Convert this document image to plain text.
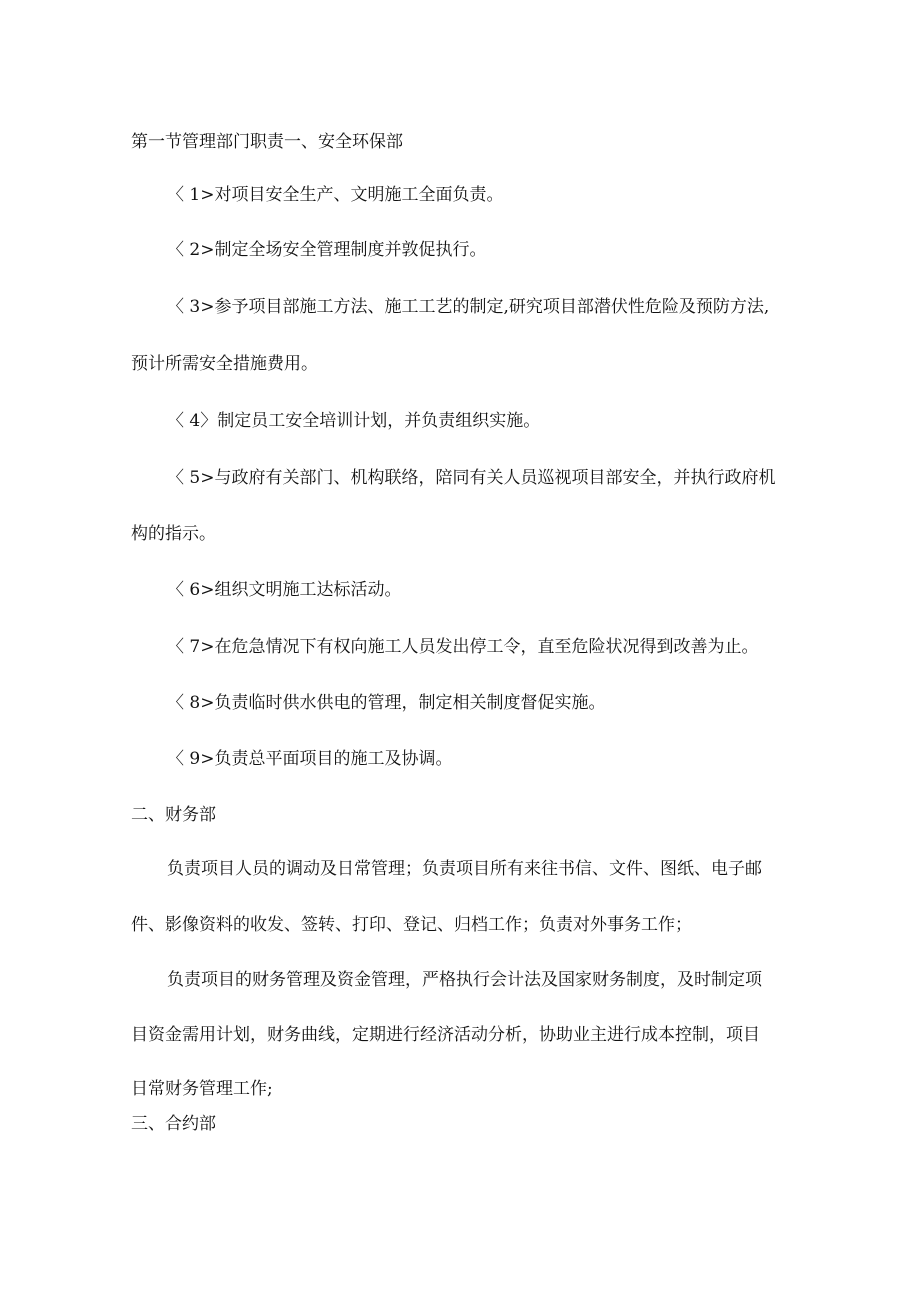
第一节管理部门职责一、安全环保部
〈 1>对项目安全生产、文明施工全面负责。
〈 2>制定全场安全管理制度并敦促执行。
〈 3>参予项目部施工方法、施工工艺的制定,研究项目部潜伏性危险及预防方法,
预计所需安全措施费用。
〈 4〉制定员工安全培训计划，并负责组织实施。
〈 5>与政府有关部门、机构联络，陪同有关人员巡视项目部安全，并执行政府机
构的指示。
〈 6>组织文明施工达标活动。
〈 7>在危急情况下有权向施工人员发出停工令，直至危险状况得到改善为止。
〈 8>负责临时供水供电的管理，制定相关制度督促实施。
〈 9>负责总平面项目的施工及协调。
二、财务部
负责项目人员的调动及日常管理；负责项目所有来往书信、文件、图纸、电子邮
件、影像资料的收发、签转、打印、登记、归档工作；负责对外事务工作；
负责项目的财务管理及资金管理，严格执行会计法及国家财务制度，及时制定项
目资金需用计划，财务曲线，定期进行经济活动分析，协助业主进行成本控制，项目
日常财务管理工作;
三、合约部
